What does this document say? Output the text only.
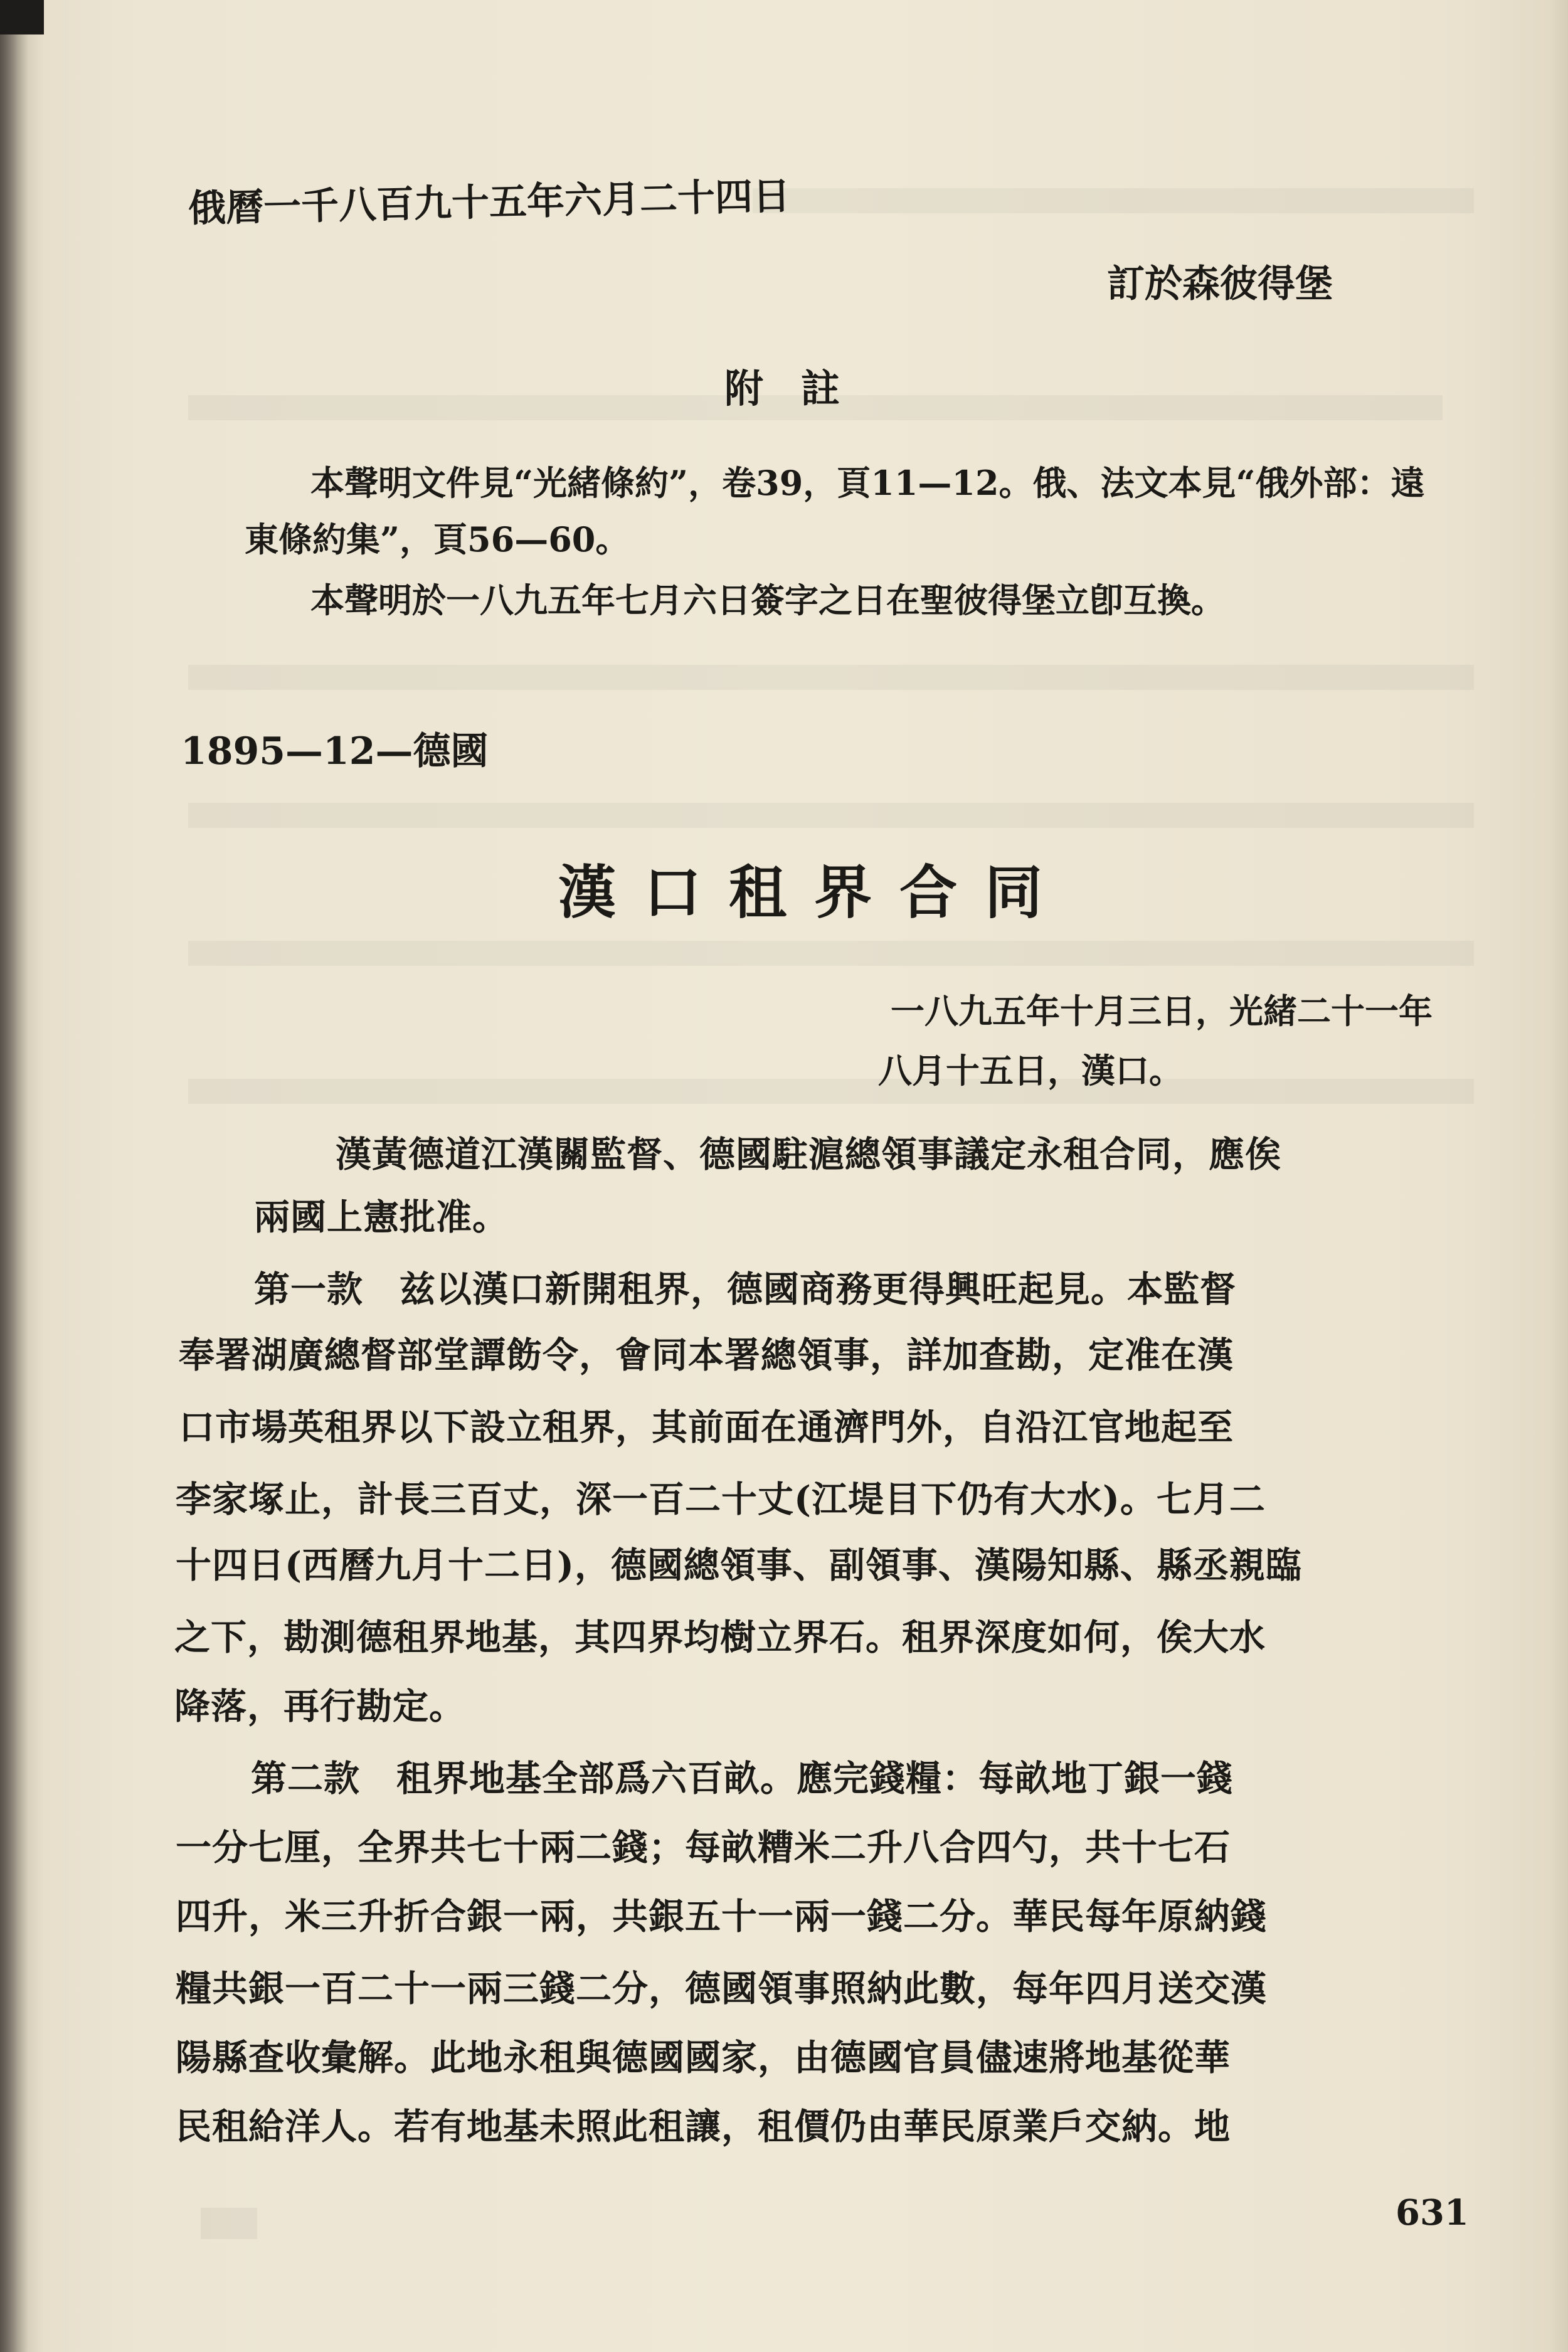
俄曆一千八百九十五年六月二十四日
訂於森彼得堡
附註
本聲明文件見“光緒條約”，卷39，頁11—12。俄、法文本見“俄外部：遠
東條約集”，頁56—60。
本聲明於一八九五年七月六日簽字之日在聖彼得堡立卽互換。
1895—12—德國
漢口租界合同
一八九五年十月三日，光緒二十一年
八月十五日，漢口。
漢黃德道江漢關監督、德國駐滬總領事議定永租合同，應俟
兩國上憲批准。
第一款　兹以漢口新開租界，德國商務更得興旺起見。本監督
奉署湖廣總督部堂譚飭令，會同本署總領事，詳加查勘，定准在漢
口市場英租界以下設立租界，其前面在通濟門外，自沿江官地起至
李家塚止，計長三百丈，深一百二十丈(江堤目下仍有大水)。七月二
十四日(西曆九月十二日)，德國總領事、副領事、漢陽知縣、縣丞親臨
之下，勘測德租界地基，其四界均樹立界石。租界深度如何，俟大水
降落，再行勘定。
第二款　租界地基全部爲六百畝。應完錢糧：每畝地丁銀一錢
一分七厘，全界共七十兩二錢；每畝糟米二升八合四勺，共十七石
四升，米三升折合銀一兩，共銀五十一兩一錢二分。華民每年原納錢
糧共銀一百二十一兩三錢二分，德國領事照納此數，每年四月送交漢
陽縣查收彙解。此地永租與德國國家，由德國官員儘速將地基從華
民租給洋人。若有地基未照此租讓，租價仍由華民原業戶交納。地
631
